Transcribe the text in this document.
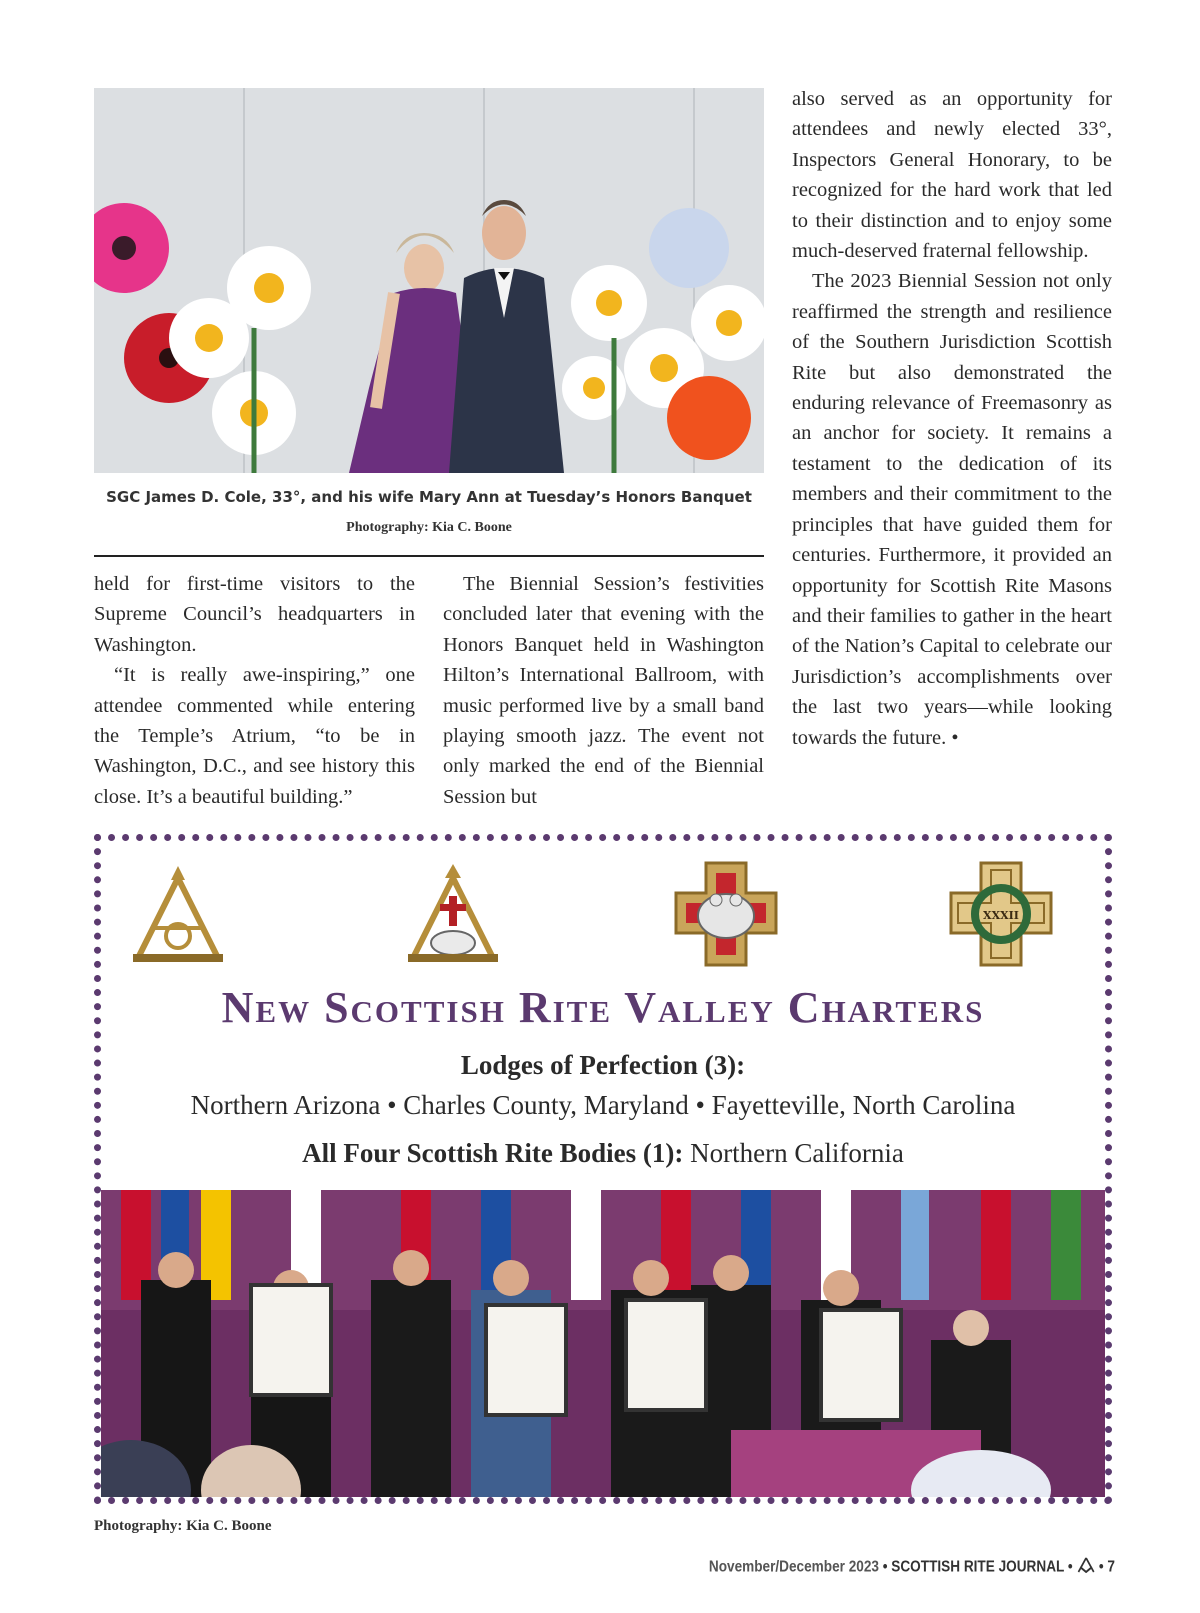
SGC James D. Cole, 33°, and his wife Mary Ann at Tuesday’s Honors Banquet
Photography: Kia C. Boone

held for first-time visitors to the Supreme Council’s headquarters in Washington.

“It is really awe-inspiring,” one attendee commented while entering the Temple’s Atrium, “to be in Washington, D.C., and see history this close. It’s a beautiful building.”

The Biennial Session’s festivities concluded later that evening with the Honors Banquet held in Washington Hilton’s International Ballroom, with music performed live by a small band playing smooth jazz. The event not only marked the end of the Biennial Session but

also served as an opportunity for attendees and newly elected 33°, Inspectors General Honorary, to be recognized for the hard work that led to their distinction and to enjoy some much-deserved fraternal fellowship.

The 2023 Biennial Session not only reaffirmed the strength and resilience of the Southern Jurisdiction Scottish Rite but also demonstrated the enduring relevance of Freemasonry as an anchor for society. It remains a testament to the dedication of its members and their commitment to the principles that have guided them for centuries. Furthermore, it provided an opportunity for Scottish Rite Masons and their families to gather in the heart of the Nation’s Capital to celebrate our Jurisdiction’s accomplishments over the last two years—while looking towards the future. •

XXXII
New Scottish Rite Valley Charters
Lodges of Perfection (3):
Northern Arizona • Charles County, Maryland • Fayetteville, North Carolina
All Four Scottish Rite Bodies (1): Northern California
Photography: Kia C. Boone
November/December 2023 • SCOTTISH RITE JOURNAL •  • 7
